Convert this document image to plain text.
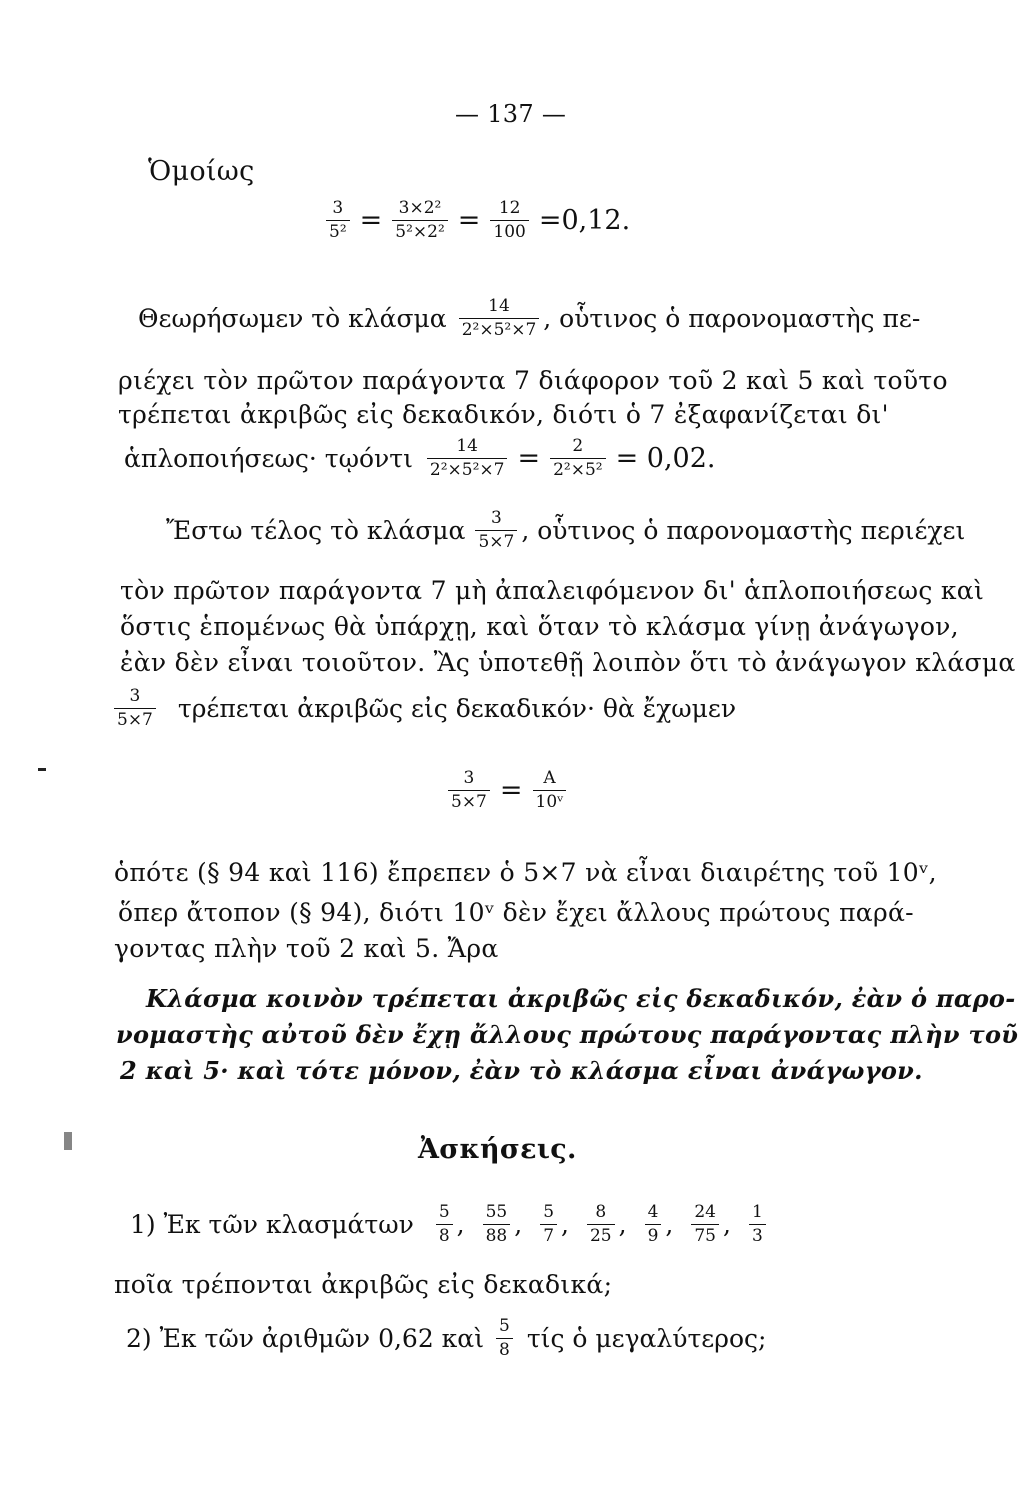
— 137 —
Ὁμοίως
$\frac{3}{\text{5²}} = \frac{\text{3×2²}}{\text{5²×2²}} = \frac{12}{100} =0,12$.
Θεωρήσωμεν τὸ κλάσμα $\frac{14}{\text{2²×5²×7}}$ , οὗτινος ὁ παρονομαστὴς πε-
ριέχει τὸν πρῶτον παράγοντα 7 διάφορον τοῦ 2 καὶ 5 καὶ τοῦτο
τρέπεται ἀκριβῶς εἰς δεκαδικόν, διότι ὁ 7 ἐξαφανίζεται δι'
ἁπλοποιήσεως· τῳόντι $\frac{14}{\text{2²×5²×7}} = \frac{2}{\text{2²×5²}} = 0,02$.
Ἔστω τέλος τὸ κλάσμα $\frac{3}{5\times 7}$ , οὗτινος ὁ παρονομαστὴς περιέχει
τὸν πρῶτον παράγοντα 7 μὴ ἀπαλειφόμενον δι' ἁπλοποιήσεως καὶ
ὅστις ἑπομένως θὰ ὑπάρχῃ, καὶ ὅταν τὸ κλάσμα γίνῃ ἀνάγωγον,
ἐὰν δὲν εἶναι τοιοῦτον. Ἂς ὑποτεθῇ λοιπὸν ὅτι τὸ ἀνάγωγον κλάσμα
$\frac{3}{5\times 7}$ τρέπεται ἀκριβῶς εἰς δεκαδικόν· θὰ ἔχωμεν
$\frac{3}{5\times 7} = \frac{A}{\text{10ᵛ}}$
ὁπότε (§ 94 καὶ 116) ἔπρεπεν ὁ 5×7 νὰ εἶναι διαιρέτης τοῦ 10ᵛ,
ὅπερ ἄτοπον (§ 94), διότι 10ᵛ δὲν ἔχει ἄλλους πρώτους παρά-
γοντας πλὴν τοῦ 2 καὶ 5. Ἄρα
Κλάσμα κοινὸν τρέπεται ἀκριβῶς εἰς δεκαδικόν, ἐὰν ὁ παρο-
νομαστὴς αὐτοῦ δὲν ἔχῃ ἄλλους πρώτους παράγοντας πλὴν τοῦ
2 καὶ 5· καὶ τότε μόνον, ἐὰν τὸ κλάσμα εἶναι ἀνάγωγον.
Ἀσκήσεις.
1) Ἐκ τῶν κλασμάτων $\frac{5}{8}$ , $\frac{55}{88}$ , $\frac{5}{7}$ , $\frac{8}{25}$ , $\frac{4}{9}$ , $\frac{24}{75}$ , $\frac{1}{3}$
ποῖα τρέπονται ἀκριβῶς εἰς δεκαδικά;
2) Ἐκ τῶν ἀριθμῶν 0,62 καὶ $\frac{5}{8}$ τίς ὁ μεγαλύτερος;
